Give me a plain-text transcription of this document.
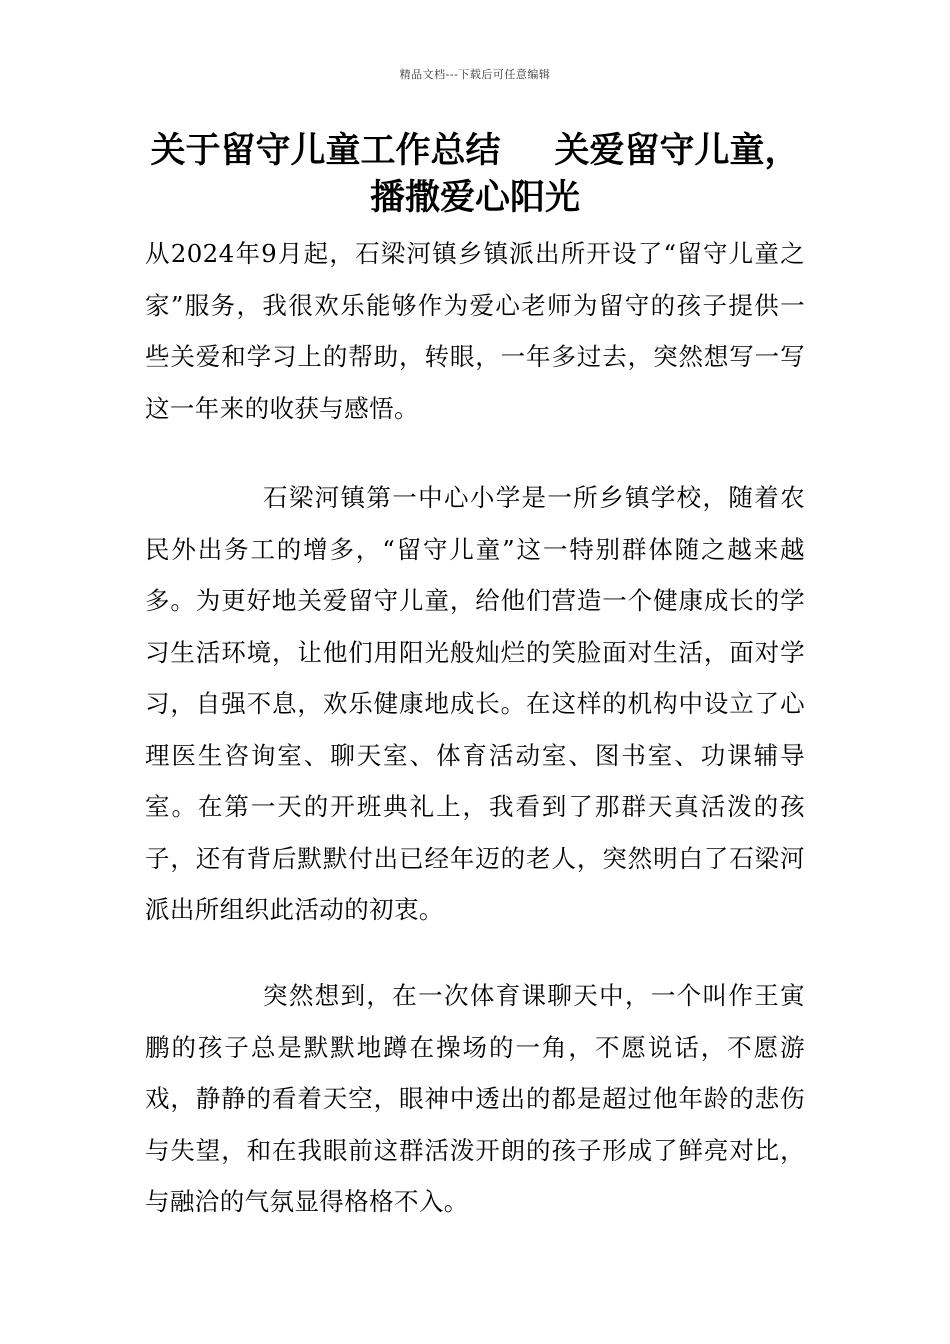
精品文档---下载后可任意编辑
关于留守儿童工作总结 关爱留守儿童，播撒爱心阳光

从2024年9月起，石梁河镇乡镇派出所开设了“留守儿童之家”服务，我很欢乐能够作为爱心老师为留守的孩子提供一些关爱和学习上的帮助，转眼，一年多过去，突然想写一写这一年来的收获与感悟。

石梁河镇第一中心小学是一所乡镇学校，随着农民外出务工的增多，“留守儿童”这一特别群体随之越来越多。为更好地关爱留守儿童，给他们营造一个健康成长的学习生活环境，让他们用阳光般灿烂的笑脸面对生活，面对学习，自强不息，欢乐健康地成长。在这样的机构中设立了心理医生咨询室、聊天室、体育活动室、图书室、功课辅导室。在第一天的开班典礼上，我看到了那群天真活泼的孩子，还有背后默默付出已经年迈的老人，突然明白了石梁河派出所组织此活动的初衷。

突然想到，在一次体育课聊天中，一个叫作王寅鹏的孩子总是默默地蹲在操场的一角，不愿说话，不愿游戏，静静的看着天空，眼神中透出的都是超过他年龄的悲伤与失望，和在我眼前这群活泼开朗的孩子形成了鲜亮对比，与融洽的气氛显得格格不入。
